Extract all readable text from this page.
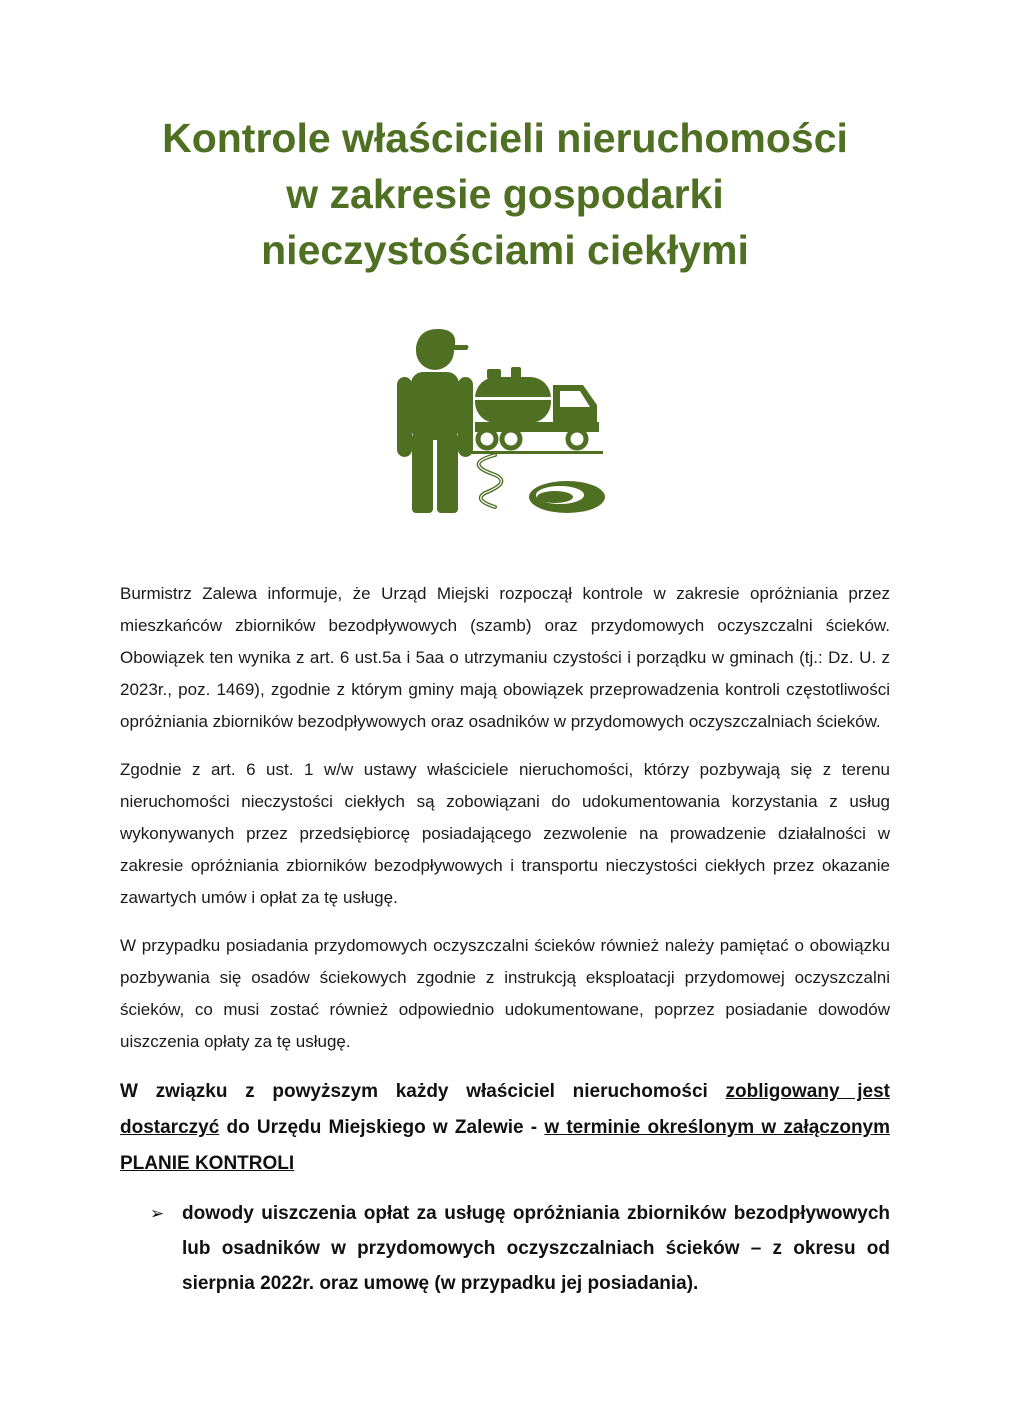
Kontrole właścicieli nieruchomości
w zakresie gospodarki
nieczystościami ciekłymi

Burmistrz Zalewa informuje, że Urząd Miejski rozpoczął kontrole w zakresie opróżniania przez mieszkańców zbiorników bezodpływowych (szamb) oraz przydomowych oczyszczalni ścieków. Obowiązek ten wynika z art. 6 ust.5a i 5aa o utrzymaniu czystości i porządku w gminach (tj.: Dz. U. z 2023r., poz. 1469), zgodnie z którym gminy mają obowiązek przeprowadzenia kontroli częstotliwości opróżniania zbiorników bezodpływowych oraz osadników w przydomowych oczyszczalniach ścieków.

Zgodnie z art. 6 ust. 1 w/w ustawy właściciele nieruchomości, którzy pozbywają się z terenu nieruchomości nieczystości ciekłych są zobowiązani do udokumentowania korzystania z usług wykonywanych przez przedsiębiorcę posiadającego zezwolenie na prowadzenie działalności w zakresie opróżniania zbiorników bezodpływowych i transportu nieczystości ciekłych przez okazanie zawartych umów i opłat za tę usługę.

W przypadku posiadania przydomowych oczyszczalni ścieków również należy pamiętać o obowiązku pozbywania się osadów ściekowych zgodnie z instrukcją eksploatacji przydomowej oczyszczalni ścieków, co musi zostać również odpowiednio udokumentowane, poprzez posiadanie dowodów uiszczenia opłaty za tę usługę.

W związku z powyższym każdy właściciel nieruchomości zobligowany jest dostarczyć do Urzędu Miejskiego w Zalewie - w terminie określonym w załączonym PLANIE KONTROLI

➢ dowody uiszczenia opłat za usługę opróżniania zbiorników bezodpływowych lub osadników w przydomowych oczyszczalniach ścieków – z okresu od sierpnia 2022r. oraz umowę (w przypadku jej posiadania).
